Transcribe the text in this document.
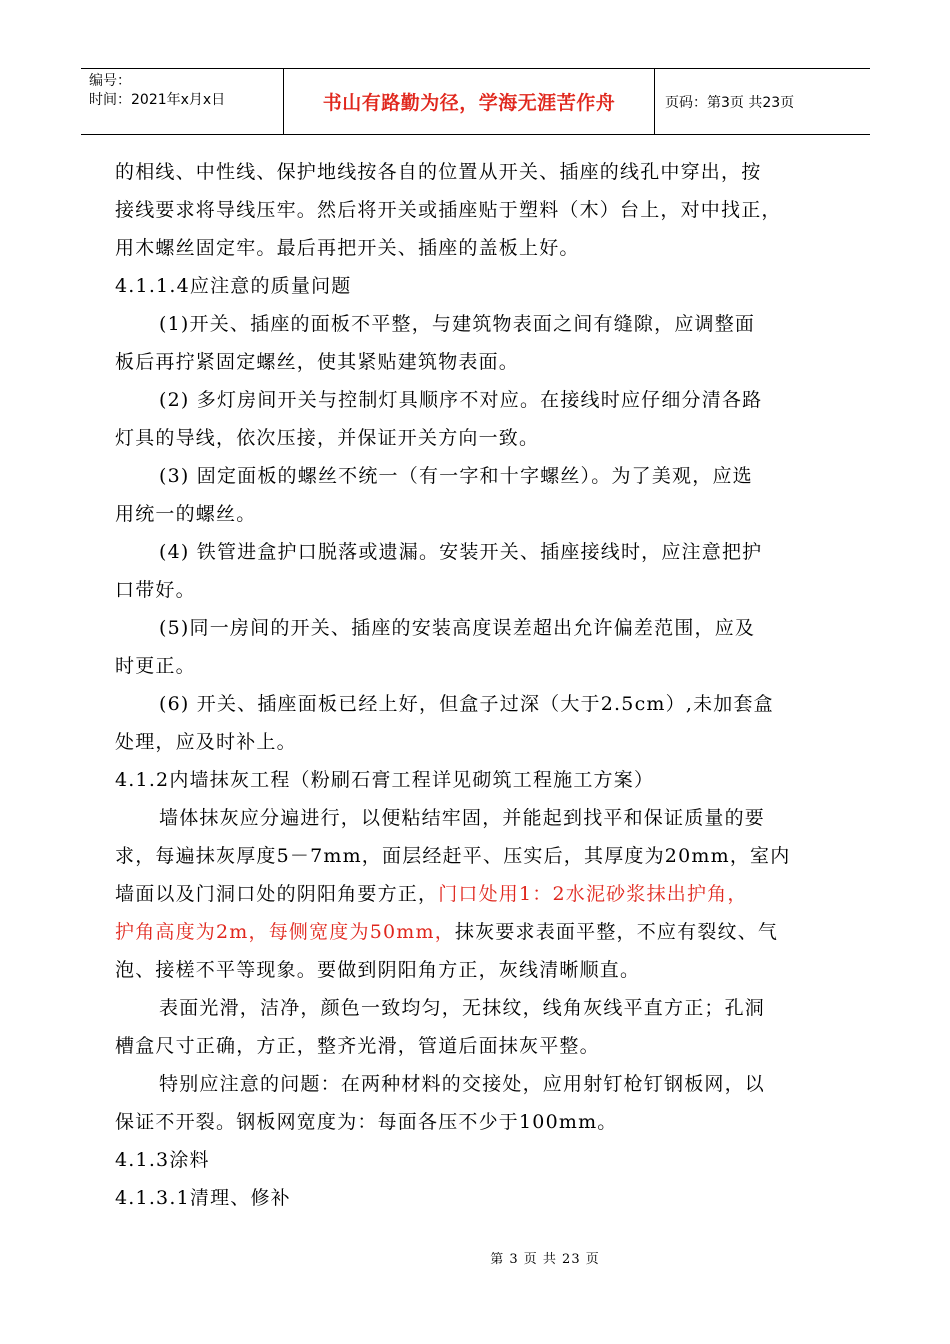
编号：
时间：2021年x月x日	书山有路勤为径，学海无涯苦作舟	页码：第3页 共23页

的相线、中性线、保护地线按各自的位置从开关、插座的线孔中穿出，按

接线要求将导线压牢。然后将开关或插座贴于塑料（木）台上，对中找正，

用木螺丝固定牢。最后再把开关、插座的盖板上好。

4.1.1.4应注意的质量问题

(1)开关、插座的面板不平整，与建筑物表面之间有缝隙，应调整面

板后再拧紧固定螺丝，使其紧贴建筑物表面。

(2) 多灯房间开关与控制灯具顺序不对应。在接线时应仔细分清各路

灯具的导线，依次压接，并保证开关方向一致。

(3) 固定面板的螺丝不统一（有一字和十字螺丝）。为了美观，应选

用统一的螺丝。

(4) 铁管进盒护口脱落或遗漏。安装开关、插座接线时，应注意把护

口带好。

(5)同一房间的开关、插座的安装高度误差超出允许偏差范围，应及

时更正。

(6) 开关、插座面板已经上好，但盒子过深（大于2.5cm）,未加套盒

处理，应及时补上。

4.1.2内墙抹灰工程（粉刷石膏工程详见砌筑工程施工方案）

墙体抹灰应分遍进行，以便粘结牢固，并能起到找平和保证质量的要

求，每遍抹灰厚度5－7mm，面层经赶平、压实后，其厚度为20mm，室内

墙面以及门洞口处的阴阳角要方正，门口处用1：2水泥砂浆抹出护角，

护角高度为2m，每侧宽度为50mm，抹灰要求表面平整，不应有裂纹、气

泡、接槎不平等现象。要做到阴阳角方正，灰线清晰顺直。

表面光滑，洁净，颜色一致均匀，无抹纹，线角灰线平直方正；孔洞

槽盒尺寸正确，方正，整齐光滑，管道后面抹灰平整。

特别应注意的问题：在两种材料的交接处，应用射钉枪钉钢板网，以

保证不开裂。钢板网宽度为：每面各压不少于100mm。

4.1.3涂料

4.1.3.1清理、修补

第 3 页 共 23 页
